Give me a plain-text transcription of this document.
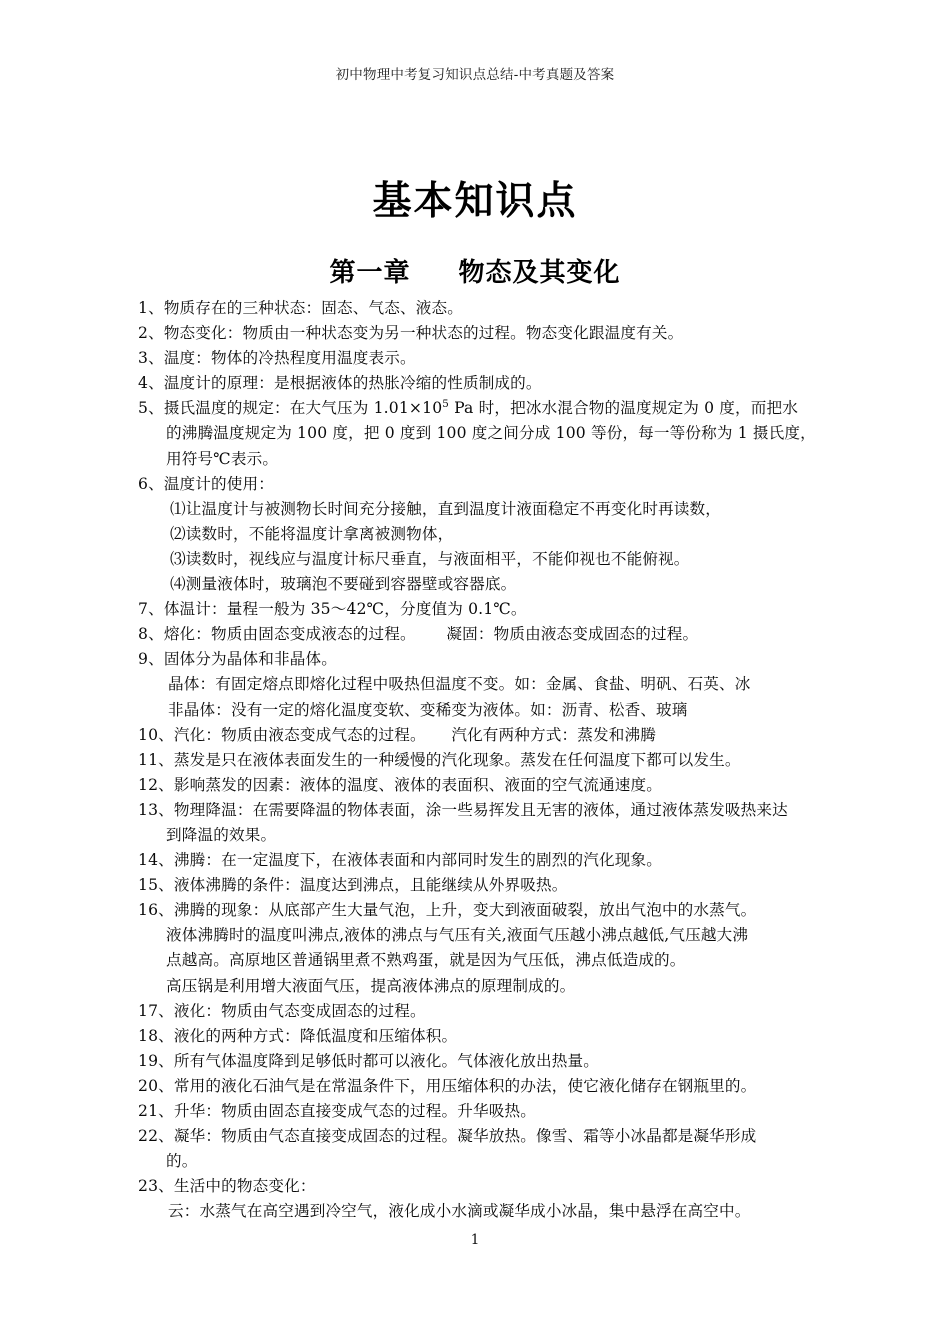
初中物理中考复习知识点总结-中考真题及答案
基本知识点
第一章 物态及其变化
1、物质存在的三种状态：固态、气态、液态。
2、物态变化：物质由一种状态变为另一种状态的过程。物态变化跟温度有关。
3、温度：物体的冷热程度用温度表示。
4、温度计的原理：是根据液体的热胀冷缩的性质制成的。
5、摄氏温度的规定：在大气压为 $1.01\times 10^5$ Pa 时，把冰水混合物的温度规定为 0 度，而把水
的沸腾温度规定为 100 度，把 0 度到 100 度之间分成 100 等份，每一等份称为 1 摄氏度，
用符号℃表示。
6、温度计的使用：
⑴让温度计与被测物长时间充分接触，直到温度计液面稳定不再变化时再读数，
⑵读数时，不能将温度计拿离被测物体，
⑶读数时，视线应与温度计标尺垂直，与液面相平，不能仰视也不能俯视。
⑷测量液体时，玻璃泡不要碰到容器壁或容器底。
7、体温计：量程一般为 35～42℃，分度值为 0.1℃。
8、熔化：物质由固态变成液态的过程。      凝固：物质由液态变成固态的过程。
9、固体分为晶体和非晶体。
晶体：有固定熔点即熔化过程中吸热但温度不变。如：金属、食盐、明矾、石英、冰
非晶体：没有一定的熔化温度变软、变稀变为液体。如：沥青、松香、玻璃
10、汽化：物质由液态变成气态的过程。     汽化有两种方式：蒸发和沸腾
11、蒸发是只在液体表面发生的一种缓慢的汽化现象。蒸发在任何温度下都可以发生。
12、影响蒸发的因素：液体的温度、液体的表面积、液面的空气流通速度。
13、物理降温：在需要降温的物体表面，涂一些易挥发且无害的液体，通过液体蒸发吸热来达
到降温的效果。
14、沸腾：在一定温度下，在液体表面和内部同时发生的剧烈的汽化现象。
15、液体沸腾的条件：温度达到沸点，且能继续从外界吸热。
16、沸腾的现象：从底部产生大量气泡，上升，变大到液面破裂，放出气泡中的水蒸气。
液体沸腾时的温度叫沸点,液体的沸点与气压有关,液面气压越小沸点越低,气压越大沸
点越高。高原地区普通锅里煮不熟鸡蛋，就是因为气压低，沸点低造成的。
高压锅是利用增大液面气压，提高液体沸点的原理制成的。
17、液化：物质由气态变成固态的过程。
18、液化的两种方式：降低温度和压缩体积。
19、所有气体温度降到足够低时都可以液化。气体液化放出热量。
20、常用的液化石油气是在常温条件下，用压缩体积的办法，使它液化储存在钢瓶里的。
21、升华：物质由固态直接变成气态的过程。升华吸热。
22、凝华：物质由气态直接变成固态的过程。凝华放热。像雪、霜等小冰晶都是凝华形成
的。
23、生活中的物态变化：
云：水蒸气在高空遇到冷空气，液化成小水滴或凝华成小冰晶，集中悬浮在高空中。
1
